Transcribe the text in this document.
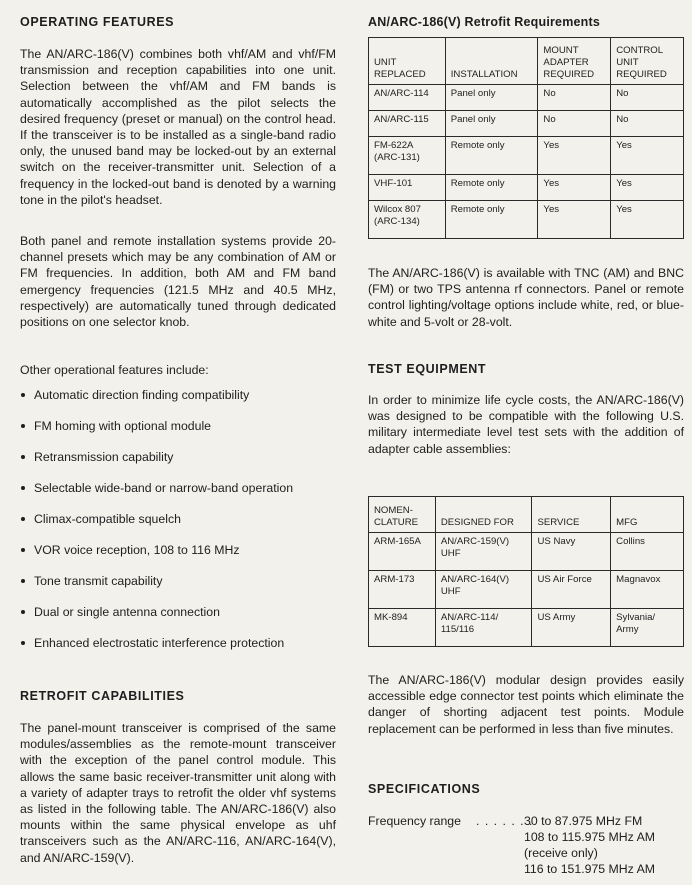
OPERATING FEATURES

The AN/ARC-186(V) combines both vhf/AM and vhf/FM transmission and reception capabilities into one unit. Selection between the vhf/AM and FM bands is automatically accomplished as the pilot selects the desired frequency (preset or manual) on the control head. If the transceiver is to be installed as a single-band radio only, the unused band may be locked-out by an external switch on the receiver-transmitter unit. Selection of a frequency in the locked-out band is denoted by a warning tone in the pilot's headset.

Both panel and remote installation systems provide 20-channel presets which may be any combination of AM or FM frequencies. In addition, both AM and FM band emergency frequencies (121.5 MHz and 40.5 MHz, respectively) are automatically tuned through dedicated positions on one selector knob.

Other operational features include:

Automatic direction finding compatibility
FM homing with optional module
Retransmission capability
Selectable wide-band or narrow-band operation
Climax-compatible squelch
VOR voice reception, 108 to 116 MHz
Tone transmit capability
Dual or single antenna connection
Enhanced electrostatic interference protection
RETROFIT CAPABILITIES

The panel-mount transceiver is comprised of the same modules/assemblies as the remote-mount transceiver with the exception of the panel control module. This allows the same basic receiver-transmitter unit along with a variety of adapter trays to retrofit the older vhf systems as listed in the following table. The AN/ARC-186(V) also mounts within the same physical envelope as uhf transceivers such as the AN/ARC-116, AN/ARC-164(V), and AN/ARC-159(V).

AN/ARC-186(V) Retrofit Requirements
UNIT REPLACED	INSTALLATION	MOUNT ADAPTER REQUIRED	CONTROL UNIT REQUIRED
AN/ARC-114	Panel only	No	No
AN/ARC-115	Panel only	No	No
FM-622A (ARC-131)	Remote only	Yes	Yes
VHF-101	Remote only	Yes	Yes
Wilcox 807 (ARC-134)	Remote only	Yes	Yes

The AN/ARC-186(V) is available with TNC (AM) and BNC (FM) or two TPS antenna rf connectors. Panel or remote control lighting/voltage options include white, red, or blue-white and 5-volt or 28-volt.

TEST EQUIPMENT

In order to minimize life cycle costs, the AN/ARC-186(V) was designed to be compatible with the following U.S. military intermediate level test sets with the addition of adapter cable assemblies:

NOMEN-CLATURE	DESIGNED FOR	SERVICE	MFG
ARM-165A	AN/ARC-159(V) UHF	US Navy	Collins
ARM-173	AN/ARC-164(V) UHF	US Air Force	Magnavox
MK-894	AN/ARC-114/ 115/116	US Army	Sylvania/ Army

The AN/ARC-186(V) modular design provides easily accessible edge connector test points which eliminate the danger of shorting adjacent test points. Module replacement can be performed in less than five minutes.

SPECIFICATIONS
Frequency range . . . . . . .
30 to 87.975 MHz FM
108 to 115.975 MHz AM
(receive only)
116 to 151.975 MHz AM
